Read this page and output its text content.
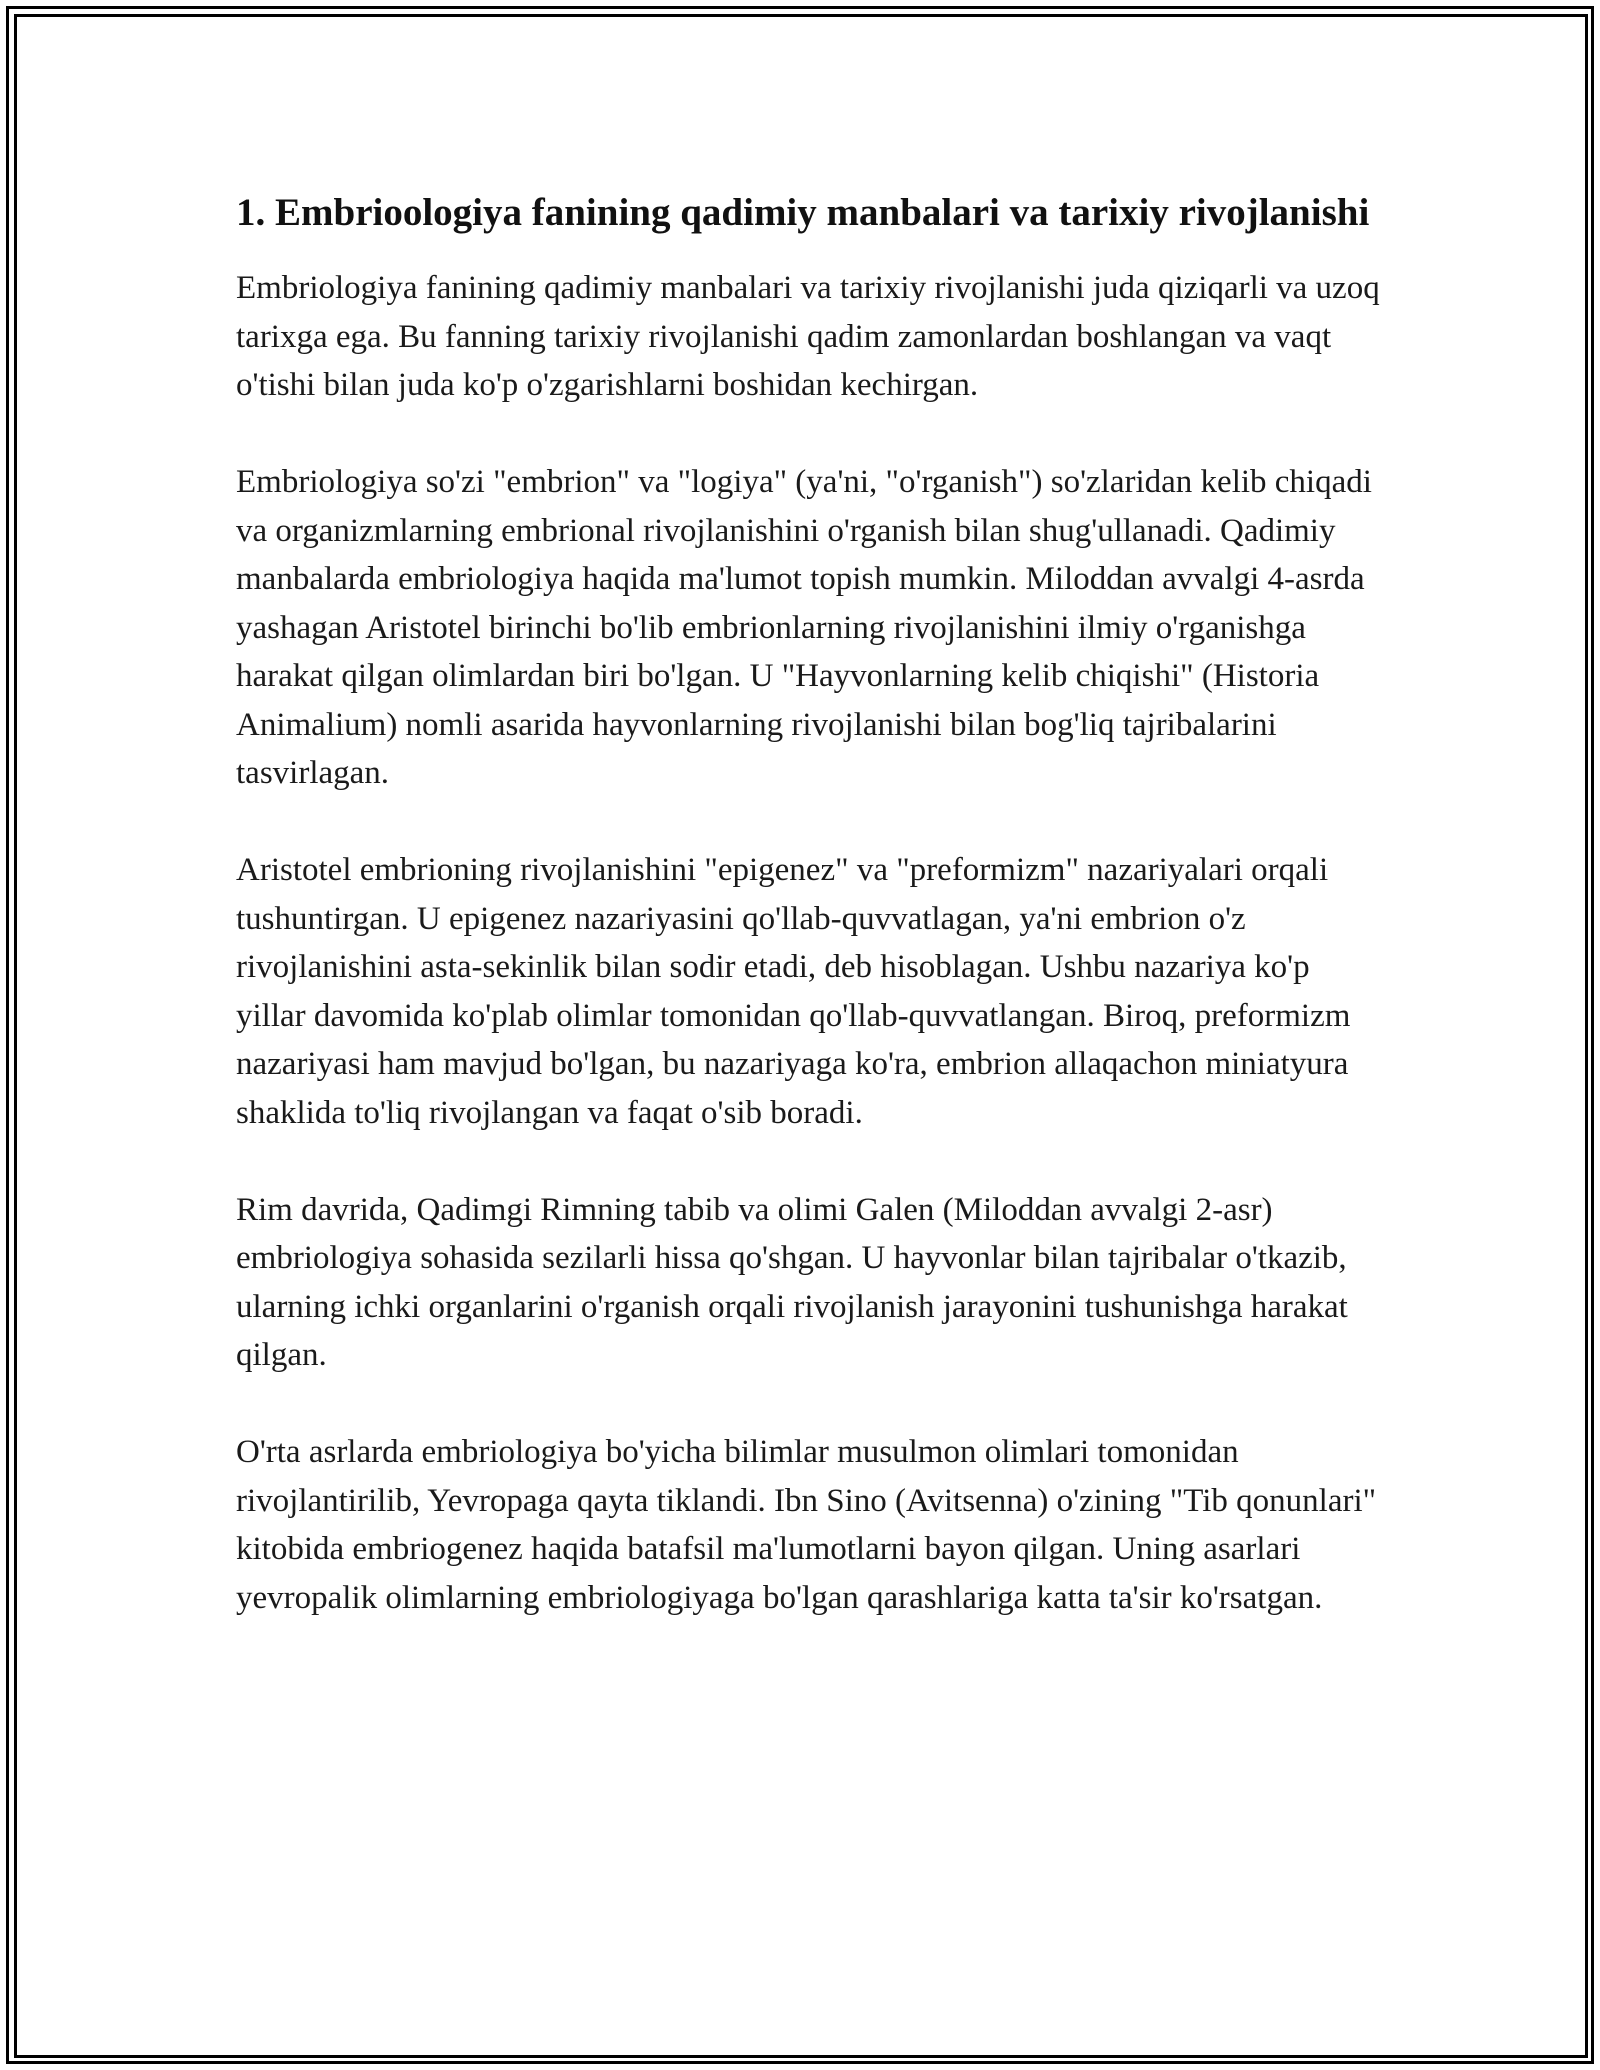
1. Embrioologiya fanining qadimiy manbalari va tarixiy rivojlanishi

Embriologiya fanining qadimiy manbalari va tarixiy rivojlanishi juda qiziqarli va uzoq tarixga ega. Bu fanning tarixiy rivojlanishi qadim zamonlardan boshlangan va vaqt o'tishi bilan juda ko'p o'zgarishlarni boshidan kechirgan.

Embriologiya so'zi "embrion" va "logiya" (ya'ni, "o'rganish") so'zlaridan kelib chiqadi va organizmlarning embrional rivojlanishini o'rganish bilan shug'ullanadi. Qadimiy manbalarda embriologiya haqida ma'lumot topish mumkin. Miloddan avvalgi 4-asrda yashagan Aristotel birinchi bo'lib embrionlarning rivojlanishini ilmiy o'rganishga harakat qilgan olimlardan biri bo'lgan. U "Hayvonlarning kelib chiqishi" (Historia Animalium) nomli asarida hayvonlarning rivojlanishi bilan bog'liq tajribalarini tasvirlagan.

Aristotel embrioning rivojlanishini "epigenez" va "preformizm" nazariyalari orqali tushuntirgan. U epigenez nazariyasini qo'llab-quvvatlagan, ya'ni embrion o'z rivojlanishini asta-sekinlik bilan sodir etadi, deb hisoblagan. Ushbu nazariya ko'p yillar davomida ko'plab olimlar tomonidan qo'llab-quvvatlangan. Biroq, preformizm nazariyasi ham mavjud bo'lgan, bu nazariyaga ko'ra, embrion allaqachon miniatyura shaklida to'liq rivojlangan va faqat o'sib boradi.

Rim davrida, Qadimgi Rimning tabib va olimi Galen (Miloddan avvalgi 2-asr) embriologiya sohasida sezilarli hissa qo'shgan. U hayvonlar bilan tajribalar o'tkazib, ularning ichki organlarini o'rganish orqali rivojlanish jarayonini tushunishga harakat qilgan.

O'rta asrlarda embriologiya bo'yicha bilimlar musulmon olimlari tomonidan rivojlantirilib, Yevropaga qayta tiklandi. Ibn Sino (Avitsenna) o'zining "Tib qonunlari" kitobida embriogenez haqida batafsil ma'lumotlarni bayon qilgan. Uning asarlari yevropalik olimlarning embriologiyaga bo'lgan qarashlariga katta ta'sir ko'rsatgan.
